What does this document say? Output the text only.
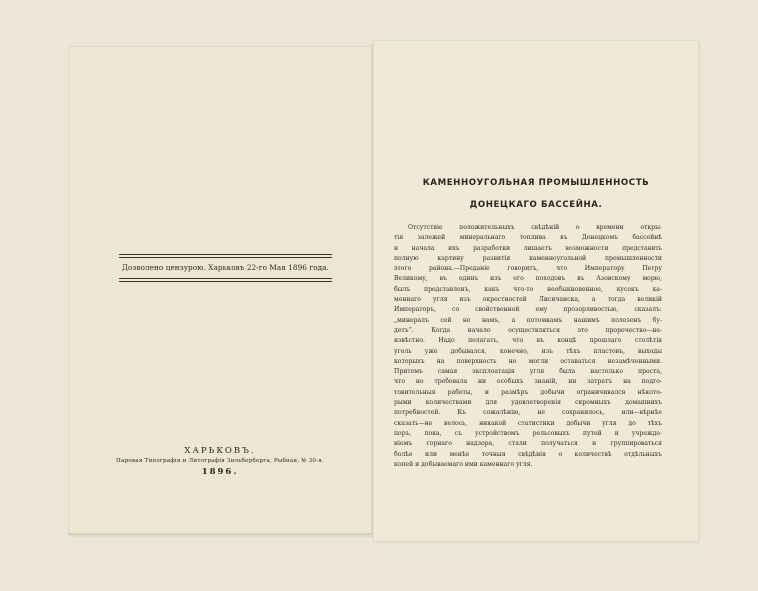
Дозволено цензурою. Харьковъ 22-го Мая 1896 года.
ХАРЬКОВЪ.
Паровая Типографія и Литографія Зильберберга, Рыбная, № 30-я.
1896.
КАМЕННОУГОЛЬНАЯ ПРОМЫШЛЕННОСТЬ
ДОНЕЦКАГО БАССЕЙНА.
Отсутствіе положительныхъ свѣдѣній о времени откры-
тія залежей минеральнаго топлива въ Донецкомъ бассейнѣ
и начала ихъ разработки лишаетъ возможности представить
полную картину развитія каменноугольной промышленности
этого района.—Преданіе говоритъ, что Императору Петру
Великому, въ одинъ изъ его походовъ въ Азовскому морю,
былъ представленъ, какъ что-то необыкновенное, кусокъ ка-
меннаго угля изъ окрестностей Лисичанска, а тогда великій
Императоръ, со свойственной ему прозорливостью, сказалъ:
„минералъ сей не намъ, а потомкамъ нашимъ полезенъ бу-
детъ“. Когда начало осуществляться это пророчество—не-
извѣстно. Надо полагать, что въ концѣ прошлаго столѣтія
уголь уже добывался, конечно, изъ тѣхъ пластовъ, выходы
которыхъ на поверхность не могли оставаться незамѣченными.
Притомъ самая эксплоатація угля была настолько проста,
что не требовала ни особыхъ знаній, ни затратъ на подго-
товительныя работы, и размѣръ добычи ограничивался нѣкото-
рыми количествами для удовлетворенія скромныхъ домашнихъ
потребностей. Къ сожалѣнію, не сохранилось, или—вѣрнѣе
сказать—не велось, никакой статистики добычи угля до тѣхъ
поръ, пока, съ устройствомъ рельсовыхъ путей и учрежде-
ніемъ горнаго надзора, стали получаться и группироваться
болѣе или менѣе точныя свѣдѣнія о количествѣ отдѣльныхъ
копей и добываемаго ими каменнаго угля.
